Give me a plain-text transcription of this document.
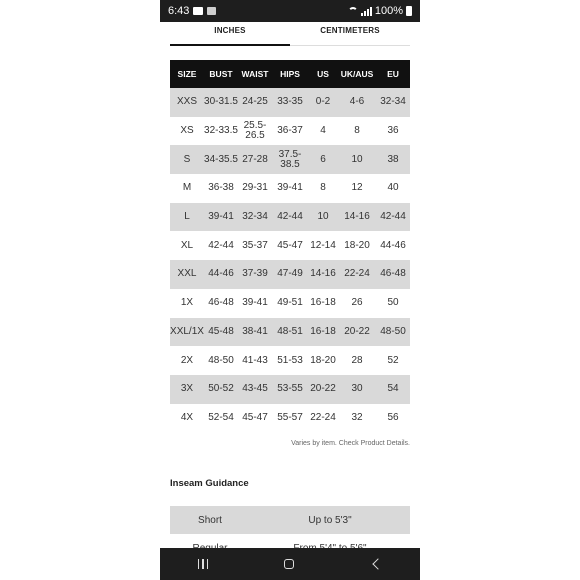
6:43	100%
INCHES	CENTIMETERS
SIZE	BUST	WAIST	HIPS	US	UK/AUS	EU
XXS	30-31.5	24-25	33-35	0-2	4-6	32-34
XS	32-33.5	25.5-26.5	36-37	4	8	36
S	34-35.5	27-28	37.5-38.5	6	10	38
M	36-38	29-31	39-41	8	12	40
L	39-41	32-34	42-44	10	14-16	42-44
XL	42-44	35-37	45-47	12-14	18-20	44-46
XXL	44-46	37-39	47-49	14-16	22-24	46-48
1X	46-48	39-41	49-51	16-18	26	50
XXL/1X	45-48	38-41	48-51	16-18	20-22	48-50
2X	48-50	41-43	51-53	18-20	28	52
3X	50-52	43-45	53-55	20-22	30	54
4X	52-54	45-47	55-57	22-24	32	56
Varies by item. Check Product Details.
Inseam Guidance
Short	Up to 5'3"
